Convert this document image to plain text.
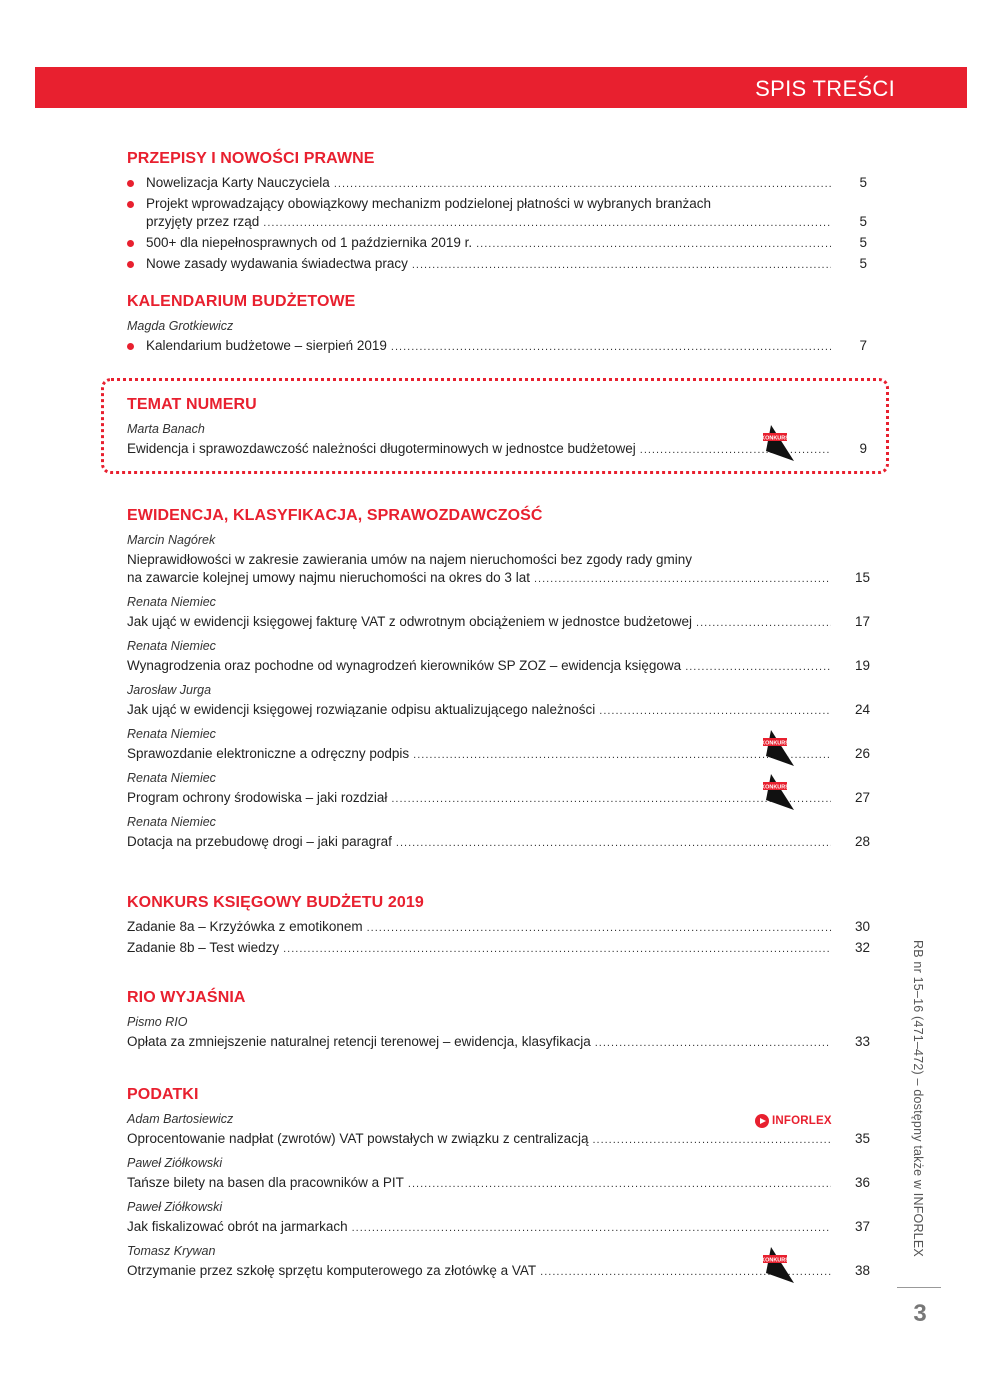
SPIS TREŚCI
PRZEPISY I NOWOŚCI PRAWNE
Nowelizacja Karty Nauczyciela .....	5
Projekt wprowadzający obowiązkowy mechanizm podzielonej płatności w wybranych branżach
przyjęty przez rząd .....	5
500+ dla niepełnosprawnych od 1 października 2019 r. .....	5
Nowe zasady wydawania świadectwa pracy .....	5
KALENDARIUM BUDŻETOWE
Magda Grotkiewicz
Kalendarium budżetowe – sierpień 2019 .....	7
TEMAT NUMERU
Marta Banach
Ewidencja i sprawozdawczość należności długoterminowych w jednostce budżetowej .....	9
KONKURS
EWIDENCJA, KLASYFIKACJA, SPRAWOZDAWCZOŚĆ
Marcin Nagórek
Nieprawidłowości w zakresie zawierania umów na najem nieruchomości bez zgody rady gminy
na zawarcie kolejnej umowy najmu nieruchomości na okres do 3 lat .....	15
Renata Niemiec
Jak ująć w ewidencji księgowej fakturę VAT z odwrotnym obciążeniem w jednostce budżetowej .....	17
Renata Niemiec
Wynagrodzenia oraz pochodne od wynagrodzeń kierowników SP ZOZ – ewidencja księgowa .....	19
Jarosław Jurga
Jak ująć w ewidencji księgowej rozwiązanie odpisu aktualizującego należności .....	24
Renata Niemiec
Sprawozdanie elektroniczne a odręczny podpis .....	26
KONKURS
Renata Niemiec
Program ochrony środowiska – jaki rozdział .....	27
KONKURS
Renata Niemiec
Dotacja na przebudowę drogi – jaki paragraf .....	28
KONKURS KSIĘGOWY BUDŻETU 2019
Zadanie 8a – Krzyżówka z emotikonem .....	30
Zadanie 8b – Test wiedzy .....	32
RIO WYJAŚNIA
Pismo RIO
Opłata za zmniejszenie naturalnej retencji terenowej – ewidencja, klasyfikacja .....	33
PODATKI
Adam Bartosiewicz
Oprocentowanie nadpłat (zwrotów) VAT powstałych w związku z centralizacją .....	35
INFORLEX
Paweł Ziółkowski
Tańsze bilety na basen dla pracowników a PIT .....	36
Paweł Ziółkowski
Jak fiskalizować obrót na jarmarkach .....	37
Tomasz Krywan
Otrzymanie przez szkołę sprzętu komputerowego za złotówkę a VAT .....	38
KONKURS
RB nr 15–16 (471–472) – dostępny także w INFORLEX
3
